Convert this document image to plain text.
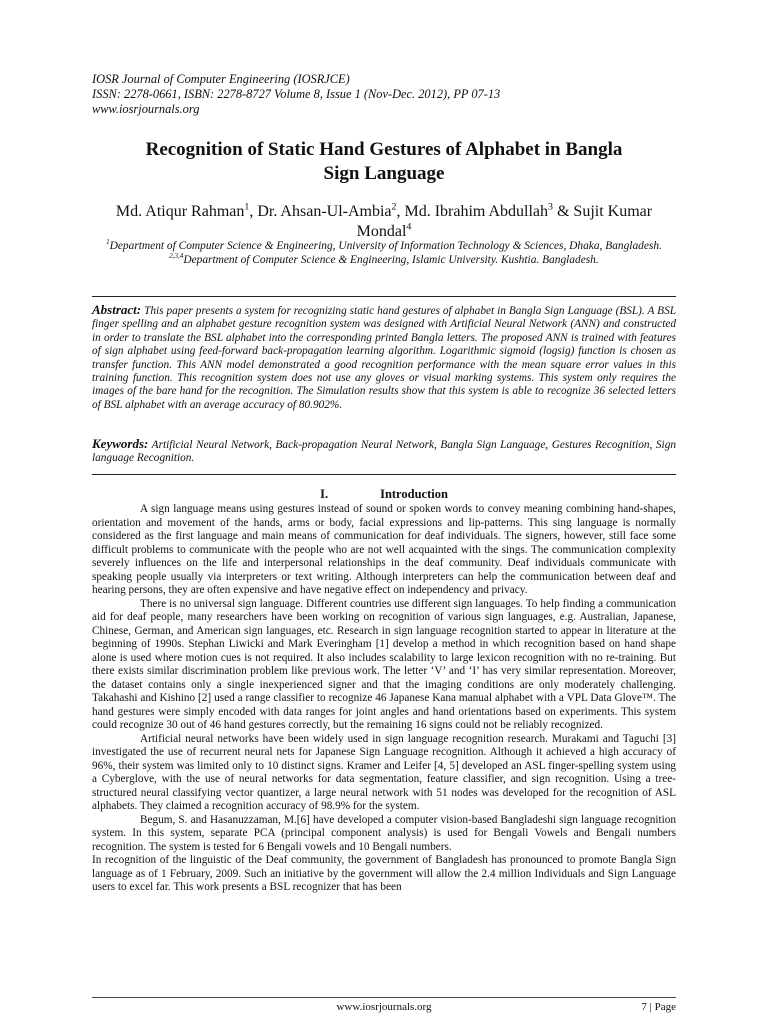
IOSR Journal of Computer Engineering (IOSRJCE)
ISSN: 2278-0661, ISBN: 2278-8727 Volume 8, Issue 1 (Nov-Dec. 2012), PP 07-13
www.iosrjournals.org
Recognition of Static Hand Gestures of Alphabet in Bangla
Sign Language
Md. Atiqur Rahman$^1$, Dr. Ahsan-Ul-Ambia$^2$, Md. Ibrahim Abdullah$^3$ & Sujit Kumar Mondal$^4$
$^1$Department of Computer Science & Engineering, University of Information Technology & Sciences, Dhaka, Bangladesh.
$^{2,3,4}$Department of Computer Science & Engineering, Islamic University. Kushtia. Bangladesh.
Abstract: This paper presents a system for recognizing static hand gestures of alphabet in Bangla Sign Language (BSL). A BSL finger spelling and an alphabet gesture recognition system was designed with Artificial Neural Network (ANN) and constructed in order to translate the BSL alphabet into the corresponding printed Bangla letters. The proposed ANN is trained with features of sign alphabet using feed-forward back-propagation learning algorithm. Logarithmic sigmoid (logsig) function is chosen as transfer function. This ANN model demonstrated a good recognition performance with the mean square error values in this training function. This recognition system does not use any gloves or visual marking systems. This system only requires the images of the bare hand for the recognition. The Simulation results show that this system is able to recognize 36 selected letters of BSL alphabet with an average accuracy of 80.902%.
Keywords: Artificial Neural Network, Back-propagation Neural Network, Bangla Sign Language, Gestures Recognition, Sign language Recognition.
I.	Introduction

A sign language means using gestures instead of sound or spoken words to convey meaning combining hand-shapes, orientation and movement of the hands, arms or body, facial expressions and lip-patterns. This sing language is normally considered as the first language and main means of communication for deaf individuals. The signers, however, still face some difficult problems to communicate with the people who are not well acquainted with the sings. The communication complexity severely influences on the life and interpersonal relationships in the deaf community. Deaf individuals communicate with speaking people usually via interpreters or text writing. Although interpreters can help the communication between deaf and hearing persons, they are often expensive and have negative effect on independency and privacy.

There is no universal sign language. Different countries use different sign languages. To help finding a communication aid for deaf people, many researchers have been working on recognition of various sign languages, e.g. Australian, Japanese, Chinese, German, and American sign languages, etc. Research in sign language recognition started to appear in literature at the beginning of 1990s. Stephan Liwicki and Mark Everingham [1] develop a method in which recognition based on hand shape alone is used where motion cues is not required. It also includes scalability to large lexicon recognition with no re-training. But there exists similar discrimination problem like previous work. The letter ‘V’ and ‘I’ has very similar representation. Moreover, the dataset contains only a single inexperienced signer and that the imaging conditions are only moderately challenging. Takahashi and Kishino [2] used a range classifier to recognize 46 Japanese Kana manual alphabet with a VPL Data Glove™. The hand gestures were simply encoded with data ranges for joint angles and hand orientations based on experiments. This system could recognize 30 out of 46 hand gestures correctly, but the remaining 16 signs could not be reliably recognized.

Artificial neural networks have been widely used in sign language recognition research. Murakami and Taguchi [3] investigated the use of recurrent neural nets for Japanese Sign Language recognition. Although it achieved a high accuracy of 96%, their system was limited only to 10 distinct signs. Kramer and Leifer [4, 5] developed an ASL finger-spelling system using a Cyberglove, with the use of neural networks for data segmentation, feature classifier, and sign recognition. Using a tree-structured neural classifying vector quantizer, a large neural network with 51 nodes was developed for the recognition of ASL alphabets. They claimed a recognition accuracy of 98.9% for the system.

Begum, S. and Hasanuzzaman, M.[6] have developed a computer vision-based Bangladeshi sign language recognition system. In this system, separate PCA (principal component analysis) is used for Bengali Vowels and Bengali numbers recognition. The system is tested for 6 Bengali vowels and 10 Bengali numbers.

In recognition of the linguistic of the Deaf community, the government of Bangladesh has pronounced to promote Bangla Sign language as of 1 February, 2009. Such an initiative by the government will allow the 2.4 million Individuals and Sign Language users to excel far. This work presents a BSL recognizer that has been

www.iosrjournals.org	7 | Page
